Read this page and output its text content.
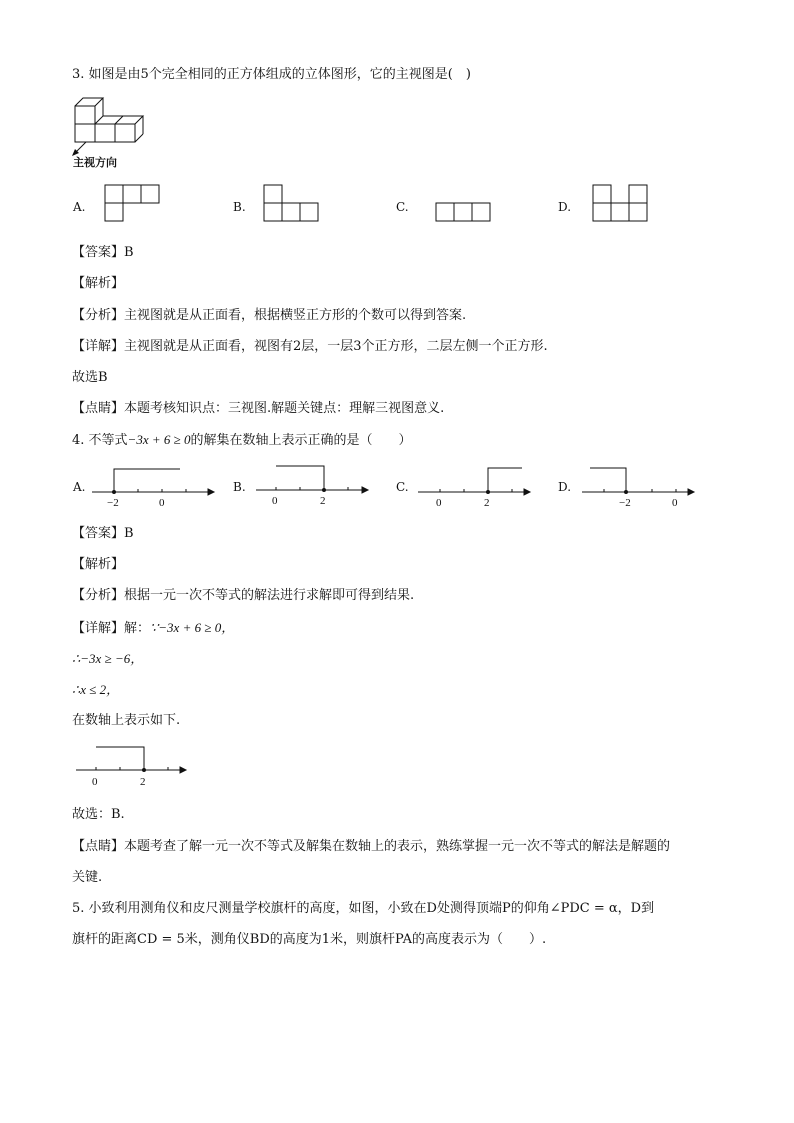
3. 如图是由5个完全相同的正方体组成的立体图形，它的主视图是(　)
主视方向
A.	B.	C.	D.
【答案】B
【解析】
【分析】主视图就是从正面看，根据横竖正方形的个数可以得到答案.
【详解】主视图就是从正面看，视图有2层，一层3个正方形，二层左侧一个正方形.
故选B
【点睛】本题考核知识点：三视图.解题关键点：理解三视图意义.
4. 不等式−3x + 6 ≥ 0的解集在数轴上表示正确的是（　　）
A.
−2	0
B.
0	2
C.
0	2
D.
−2	0
【答案】B
【解析】
【分析】根据一元一次不等式的解法进行求解即可得到结果.
【详解】解：∵−3x + 6 ≥ 0，
∴−3x ≥ −6，
∴x ≤ 2，
在数轴上表示如下.
0	2
故选：B.
【点睛】本题考查了解一元一次不等式及解集在数轴上的表示，熟练掌握一元一次不等式的解法是解题的
关键.
5. 小致利用测角仪和皮尺测量学校旗杆的高度，如图，小致在D处测得顶端P的仰角∠PDC = α，D到
旗杆的距离CD = 5米，测角仪BD的高度为1米，则旗杆PA的高度表示为（　　）.
